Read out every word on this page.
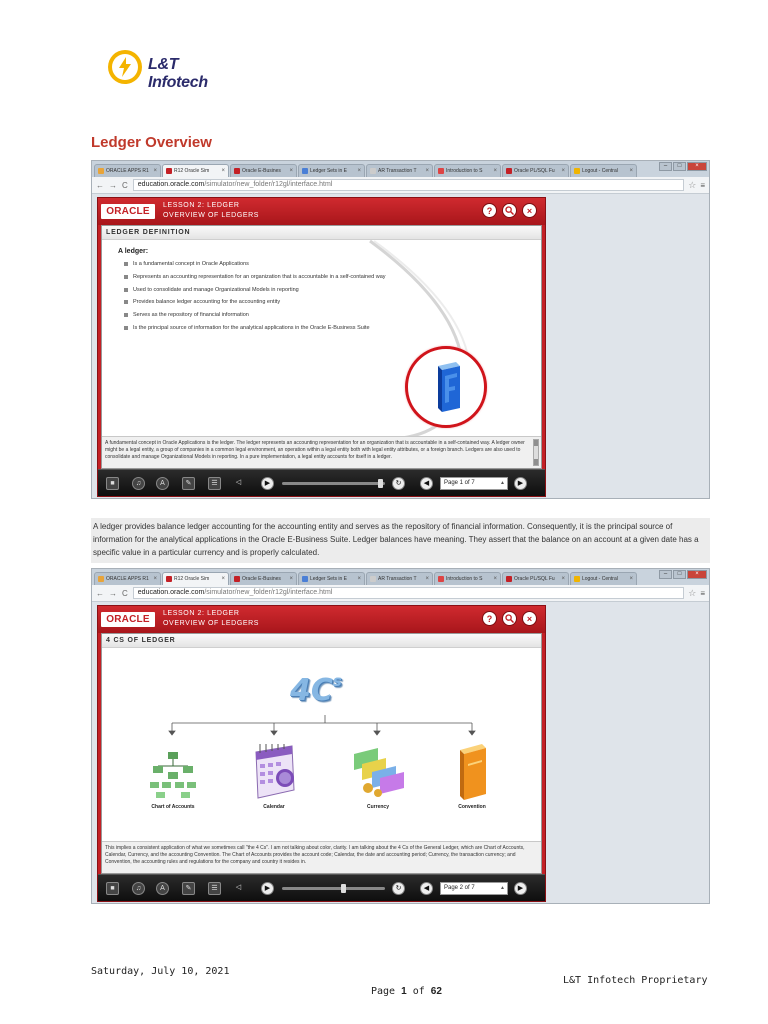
L&T Infotech
Ledger Overview
ORACLE APPS R1 ×	R12 Oracle Sim	×	Oracle E-Busines	×	Ledger Sets in E	×	AR Transaction T	×	Introduction to S	×	Oracle PL/SQL Fu	×	Logout - Central	×
–	□	×
← → C	education.oracle.com/simulator/new_folder/r12gl/interface.html	☆ ≡
ORACLE
LESSON 2: LEDGER
OVERVIEW OF LEDGERS	?	×
LEDGER DEFINITION
A ledger:
Is a fundamental concept in Oracle Applications
Represents an accounting representation for an organization that is accountable in a self-contained way
Used to consolidate and manage Organizational Models in reporting
Provides balance ledger accounting for the accounting entity
Serves as the repository of financial information
Is the principal source of information for the analytical applications in the Oracle E-Business Suite
A fundamental concept in Oracle Applications is the ledger. The ledger represents an accounting representation for an organization that is accountable in a self-contained way. A ledger owner might be a legal entity, a group of companies in a common legal environment, an operation within a legal entity both with legal entity attributes, or a foreign branch. Ledgers are also used to consolidate and manage Organizational Models in reporting. In a pure implementation, a legal entity accounts for itself in a ledger.
■	♫	A	✎	☰	◁	▶	↻	◀	Page 1 of 7	▲	▶
A ledger provides balance ledger accounting for the accounting entity and serves as the repository of financial information. Consequently, it is the principal source of information for the analytical applications in the Oracle E-Business Suite. Ledger balances have meaning. They assert that the balance on an account at a given date has a specific value in a particular currency and is properly calculated.
ORACLE APPS R1 ×	R12 Oracle Sim	×	Oracle E-Busines	×	Ledger Sets in E	×	AR Transaction T	×	Introduction to S	×	Oracle PL/SQL Fu	×	Logout - Central	×
–	□	×
← → C	education.oracle.com/simulator/new_folder/r12gl/interface.html	☆ ≡
ORACLE
LESSON 2: LEDGER
OVERVIEW OF LEDGERS	?	×
4 CS OF LEDGER
$4C^s$
Chart of Accounts	Calendar	Currency	Convention
This implies a consistent application of what we sometimes call "the 4 Cs". I am not talking about color, clarity. I am talking about the 4 Cs of the General Ledger, which are Chart of Accounts, Calendar, Currency, and the accounting Convention. The Chart of Accounts provides the account code; Calendar, the date and accounting period; Currency, the transaction currency; and Convention, the accounting rules and regulations for the company and country it resides in.
■	♫	A	✎	☰	◁	▶	↻	◀	Page 2 of 7	▲	▶
Saturday, July 10, 2021
L&T Infotech Proprietary
Page 1 of 62
